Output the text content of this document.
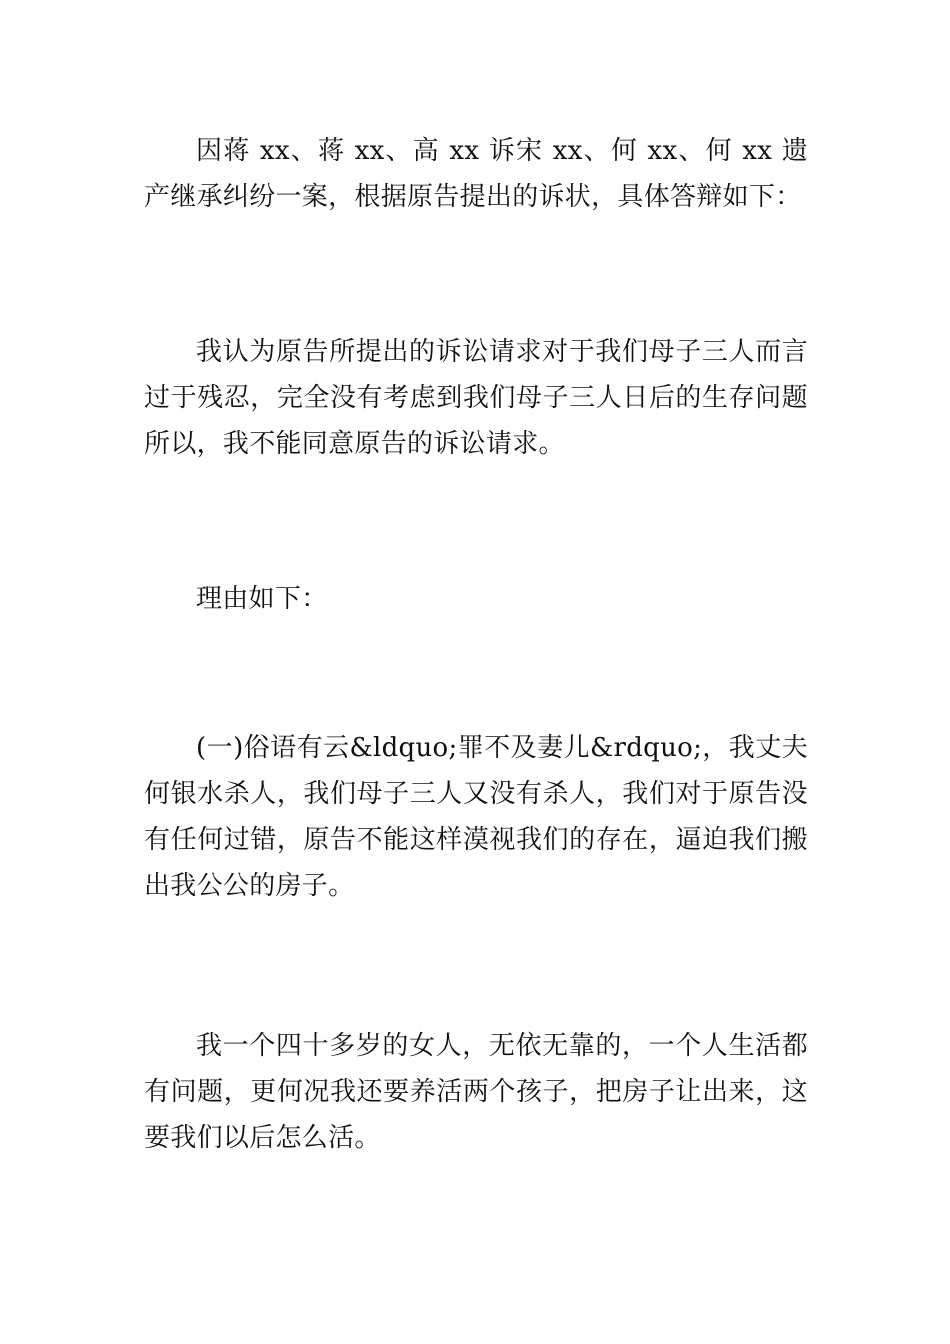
因蒋 xx、蒋 xx、高 xx 诉宋 xx、何 xx、何 xx 遗产继承纠纷一案，根据原告提出的诉状，具体答辩如下：

我认为原告所提出的诉讼请求对于我们母子三人而言过于残忍，完全没有考虑到我们母子三人日后的生存问题所以，我不能同意原告的诉讼请求。

理由如下：

(一)俗语有云&ldquo;罪不及妻儿&rdquo;，我丈夫何银水杀人，我们母子三人又没有杀人，我们对于原告没有任何过错，原告不能这样漠视我们的存在，逼迫我们搬出我公公的房子。

我一个四十多岁的女人，无依无靠的，一个人生活都有问题，更何况我还要养活两个孩子，把房子让出来，这要我们以后怎么活。
